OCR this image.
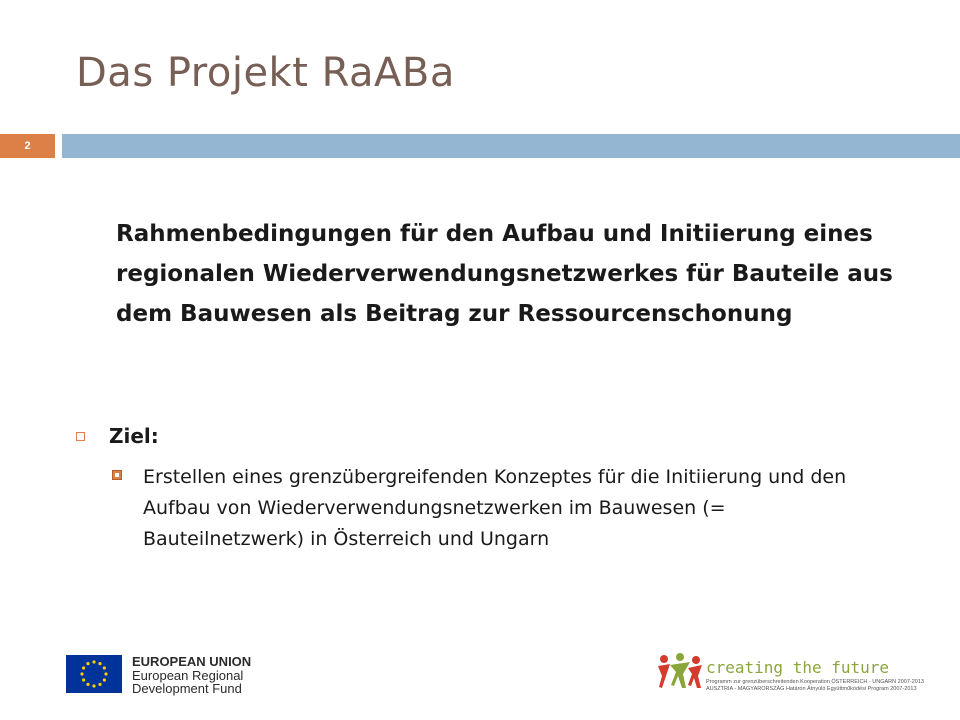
Das Projekt RaABa
2

Rahmenbedingungen für den Aufbau und Initiierung eines regionalen Wiederverwendungsnetzwerkes für Bauteile aus dem Bauwesen als Beitrag zur Ressourcenschonung

Ziel:
Erstellen eines grenzübergreifenden Konzeptes für die Initiierung und den Aufbau von Wiederverwendungsnetzwerken im Bauwesen (= Bauteilnetzwerk) in Österreich und Ungarn
EUROPEAN UNION
European Regional
Development Fund
creating the future
Programm zur grenzüberschreitenden Kooperation ÖSTERREICH - UNGARN 2007-2013
AUSZTRIA - MAGYARORSZÁG Határon Átnyúló Együttműködési Program 2007-2013
